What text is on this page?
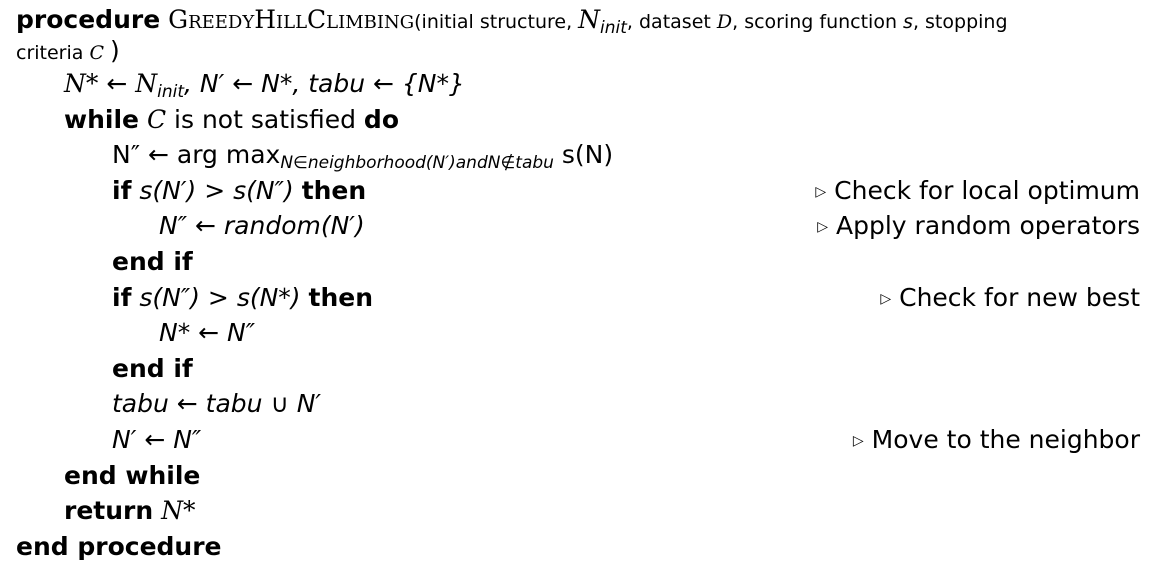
procedure GreedyHillClimbing(initial structure, $N_{init}$, dataset D, scoring function s, stopping
criteria C )
N* ← $N_{init}$, N′ ← N*, tabu ← {N*}
while C is not satisfied do
N″ ← arg $\max_{N\in neighborhood(N')andN\notin tabu} s(N)$
if s(N′) > s(N″) then	▷ Check for local optimum
N″ ← random(N′)	▷ Apply random operators
end if
if s(N″) > s(N*) then	▷ Check for new best
N* ← N″
end if
tabu ← tabu ∪ N′
N′ ← N″	▷ Move to the neighbor
end while
return N*
end procedure
